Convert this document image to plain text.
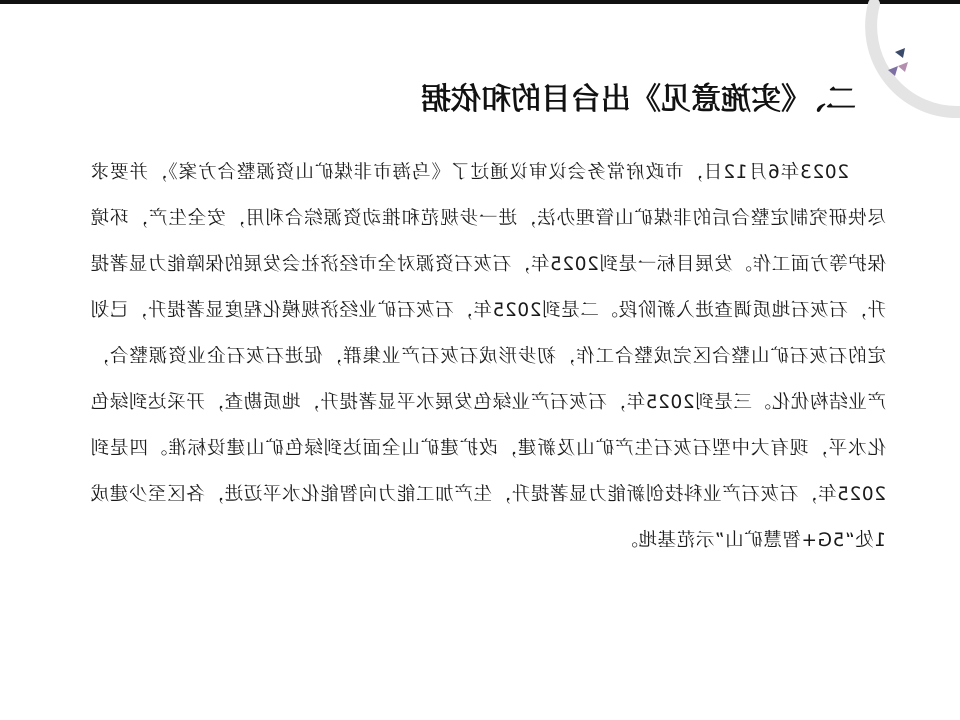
二、《实施意见》出台目的和依据

2023年6月12日，市政府常务会议审议通过了《乌海市非煤矿山资源整合方案》，并要求尽快研究制定整合后的非煤矿山管理办法，进一步规范和推动资源综合利用，安全生产，环境保护等方面工作。发展目标一是到2025年，石灰石资源对全市经济社会发展的保障能力显著提升，石灰石地质调查进入新阶段。二是到2025年，石灰石矿业经济规模化程度显著提升，已划定的石灰石矿山整合区完成整合工作，初步形成石灰石产业集群，促进石灰石企业资源整合，产业结构优化。三是到2025年，石灰石产业绿色发展水平显著提升，地质勘查，开采达到绿色化水平，现有大中型石灰石生产矿山及新建，改扩建矿山全面达到绿色矿山建设标准。四是到2025年，石灰石产业科技创新能力显著提升，生产加工能力向智能化水平迈进，各区至少建成1处“5G+智慧矿山”示范基地。
